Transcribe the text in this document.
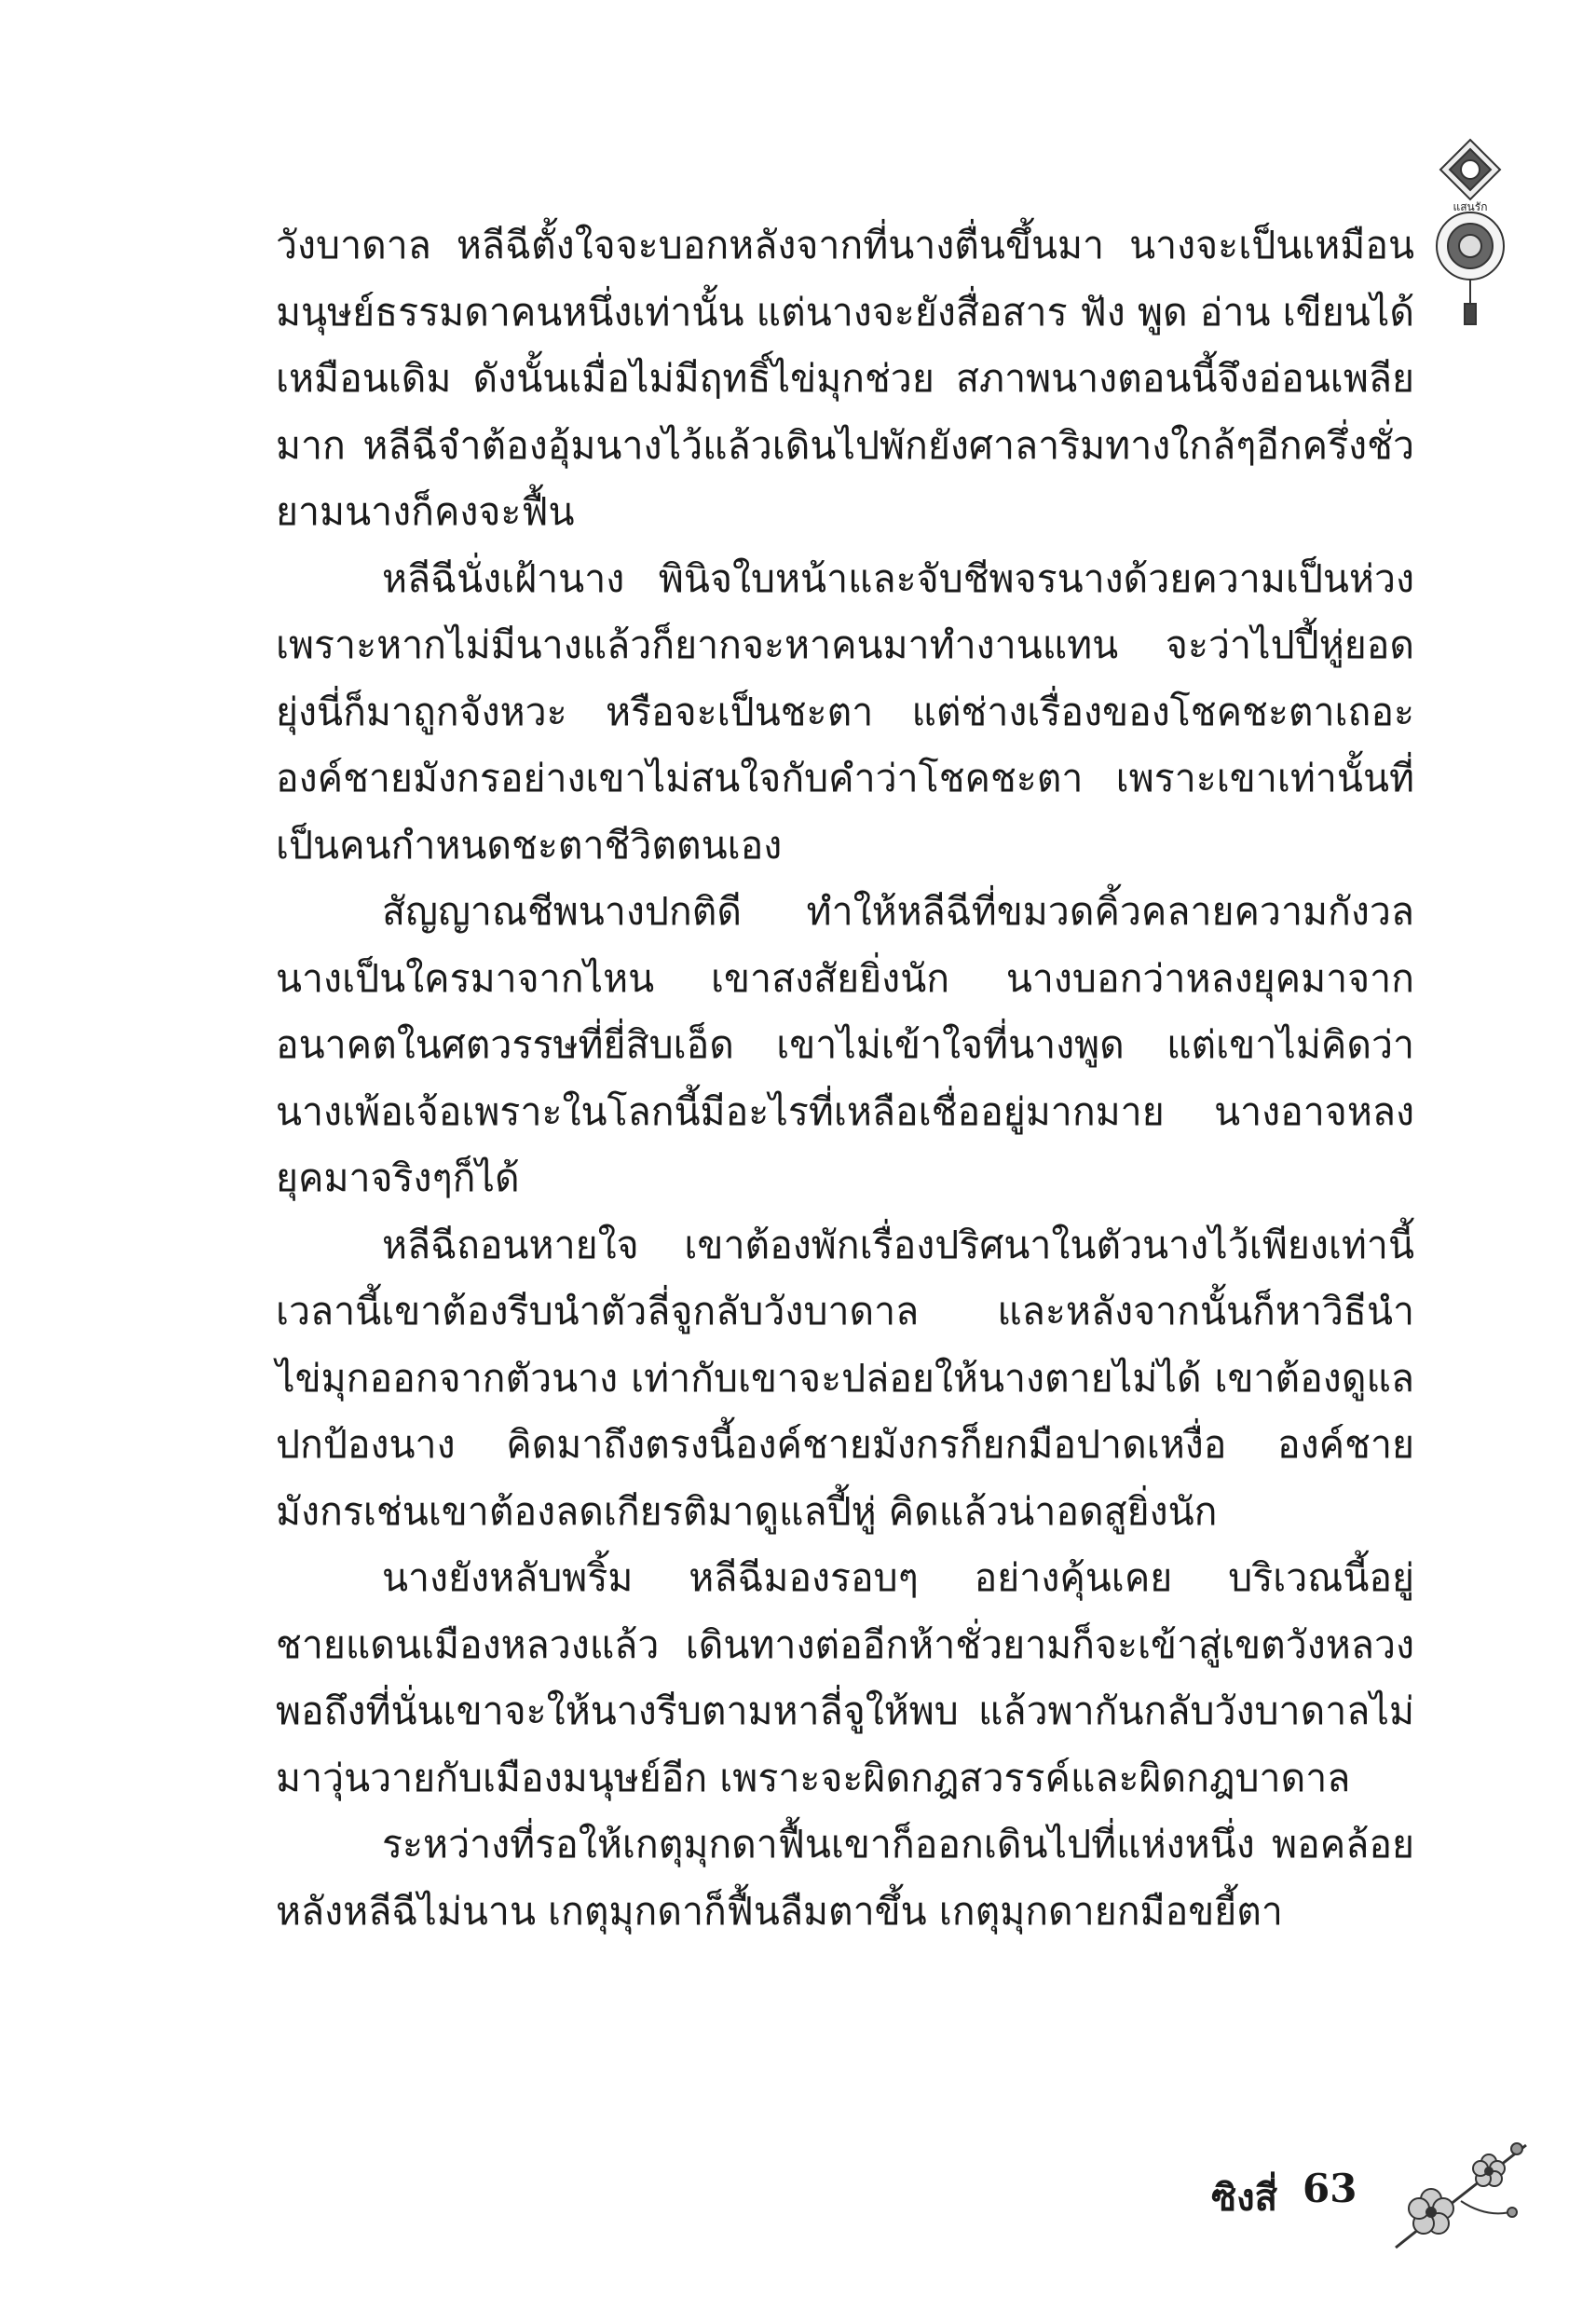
แสนรัก

วังบาดาล หลีฉีตั้งใจจะบอกหลังจากที่นางตื่นขึ้นมา นางจะเป็นเหมือนมนุษย์ธรรมดาคนหนึ่งเท่านั้น แต่นางจะยังสื่อสาร ฟัง พูด อ่าน เขียนได้เหมือนเดิม ดังนั้นเมื่อไม่มีฤทธิ์ไข่มุกช่วย สภาพนางตอนนี้จึงอ่อนเพลียมาก หลีฉีจำต้องอุ้มนางไว้แล้วเดินไปพักยังศาลาริมทางใกล้ๆอีกครึ่งชั่วยามนางก็คงจะฟื้น

หลีฉีนั่งเฝ้านาง พินิจใบหน้าและจับชีพจรนางด้วยความเป็นห่วงเพราะหากไม่มีนางแล้วก็ยากจะหาคนมาทำงานแทน จะว่าไปปี้หู่ยอดยุ่งนี่ก็มาถูกจังหวะ หรือจะเป็นชะตา แต่ช่างเรื่องของโชคชะตาเถอะ องค์ชายมังกรอย่างเขาไม่สนใจกับคำว่าโชคชะตา เพราะเขาเท่านั้นที่เป็นคนกำหนดชะตาชีวิตตนเอง

สัญญาณชีพนางปกติดี ทำให้หลีฉีที่ขมวดคิ้วคลายความกังวลนางเป็นใครมาจากไหน เขาสงสัยยิ่งนัก นางบอกว่าหลงยุคมาจากอนาคตในศตวรรษที่ยี่สิบเอ็ด เขาไม่เข้าใจที่นางพูด แต่เขาไม่คิดว่านางเพ้อเจ้อเพราะในโลกนี้มีอะไรที่เหลือเชื่ออยู่มากมาย นางอาจหลงยุคมาจริงๆก็ได้

หลีฉีถอนหายใจ เขาต้องพักเรื่องปริศนาในตัวนางไว้เพียงเท่านี้เวลานี้เขาต้องรีบนำตัวลี่จูกลับวังบาดาล และหลังจากนั้นก็หาวิธีนำไข่มุกออกจากตัวนาง เท่ากับเขาจะปล่อยให้นางตายไม่ได้ เขาต้องดูแลปกป้องนาง คิดมาถึงตรงนี้องค์ชายมังกรก็ยกมือปาดเหงื่อ องค์ชายมังกรเช่นเขาต้องลดเกียรติมาดูแลปี้หู่ คิดแล้วน่าอดสูยิ่งนัก

นางยังหลับพริ้ม หลีฉีมองรอบๆ อย่างคุ้นเคย บริเวณนี้อยู่ชายแดนเมืองหลวงแล้ว เดินทางต่ออีกห้าชั่วยามก็จะเข้าสู่เขตวังหลวงพอถึงที่นั่นเขาจะให้นางรีบตามหาลี่จูให้พบ แล้วพากันกลับวังบาดาลไม่มาวุ่นวายกับเมืองมนุษย์อีก เพราะจะผิดกฎสวรรค์และผิดกฎบาดาล

ระหว่างที่รอให้เกตุมุกดาฟื้นเขาก็ออกเดินไปที่แห่งหนึ่ง พอคล้อยหลังหลีฉีไม่นาน เกตุมุกดาก็ฟื้นลืมตาขึ้น เกตุมุกดายกมือขยี้ตา

ซิงสี่ 63
